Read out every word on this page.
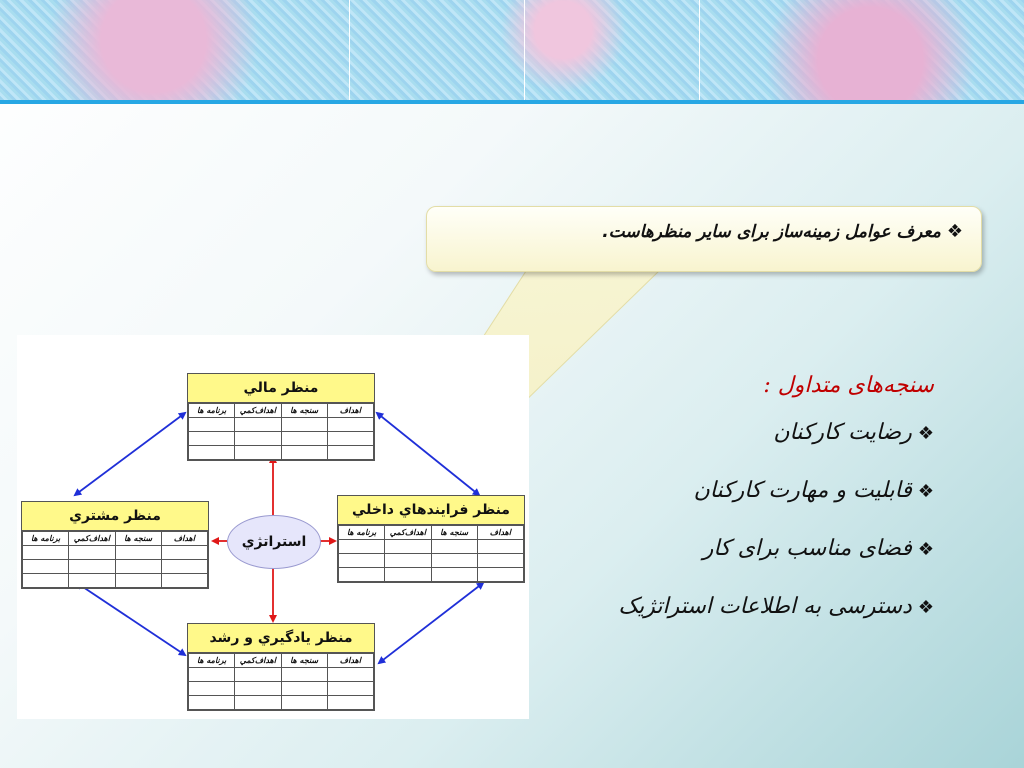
❖معرف عوامل زمینه‌ساز برای سایر منظرهاست.
منظر مالي
برنامه ها	اهداف‌کمي	سنجه ها	اهداف

منظر مشتري
برنامه ها	اهداف‌کمي	سنجه ها	اهداف

منظر فرايندهاي داخلي
برنامه ها	اهداف‌کمي	سنجه ها	اهداف

منظر يادگيري و رشد
برنامه ها	اهداف‌کمي	سنجه ها	اهداف

استراتژي
سنجه‌های متداول :
❖رضایت کارکنان
❖قابلیت و مهارت کارکنان
❖فضای مناسب برای کار
❖دسترسی به اطلاعات استراتژیک
